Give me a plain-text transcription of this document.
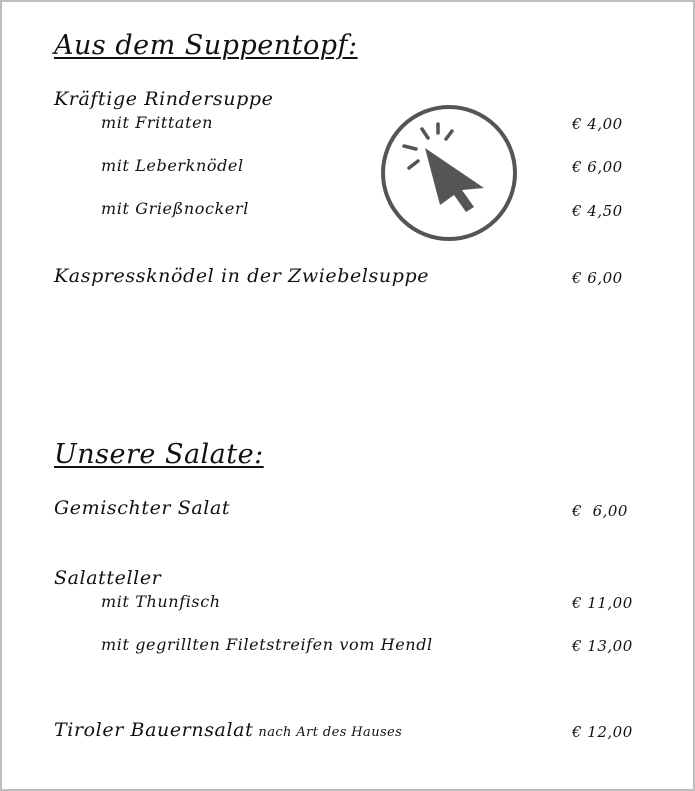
Aus dem Suppentopf:
Kräftige Rindersuppe
mit Frittaten	€ 4,00
mit Leberknödel	€ 6,00
mit Grießnockerl	€ 4,50
Kaspressknödel in der Zwiebelsuppe	€ 6,00
Unsere Salate:
Gemischter Salat	€  6,00
Salatteller
mit Thunfisch	€ 11,00
mit gegrillten Filetstreifen vom Hendl	€ 13,00
Tiroler Bauernsalat nach Art des Hauses	€ 12,00
